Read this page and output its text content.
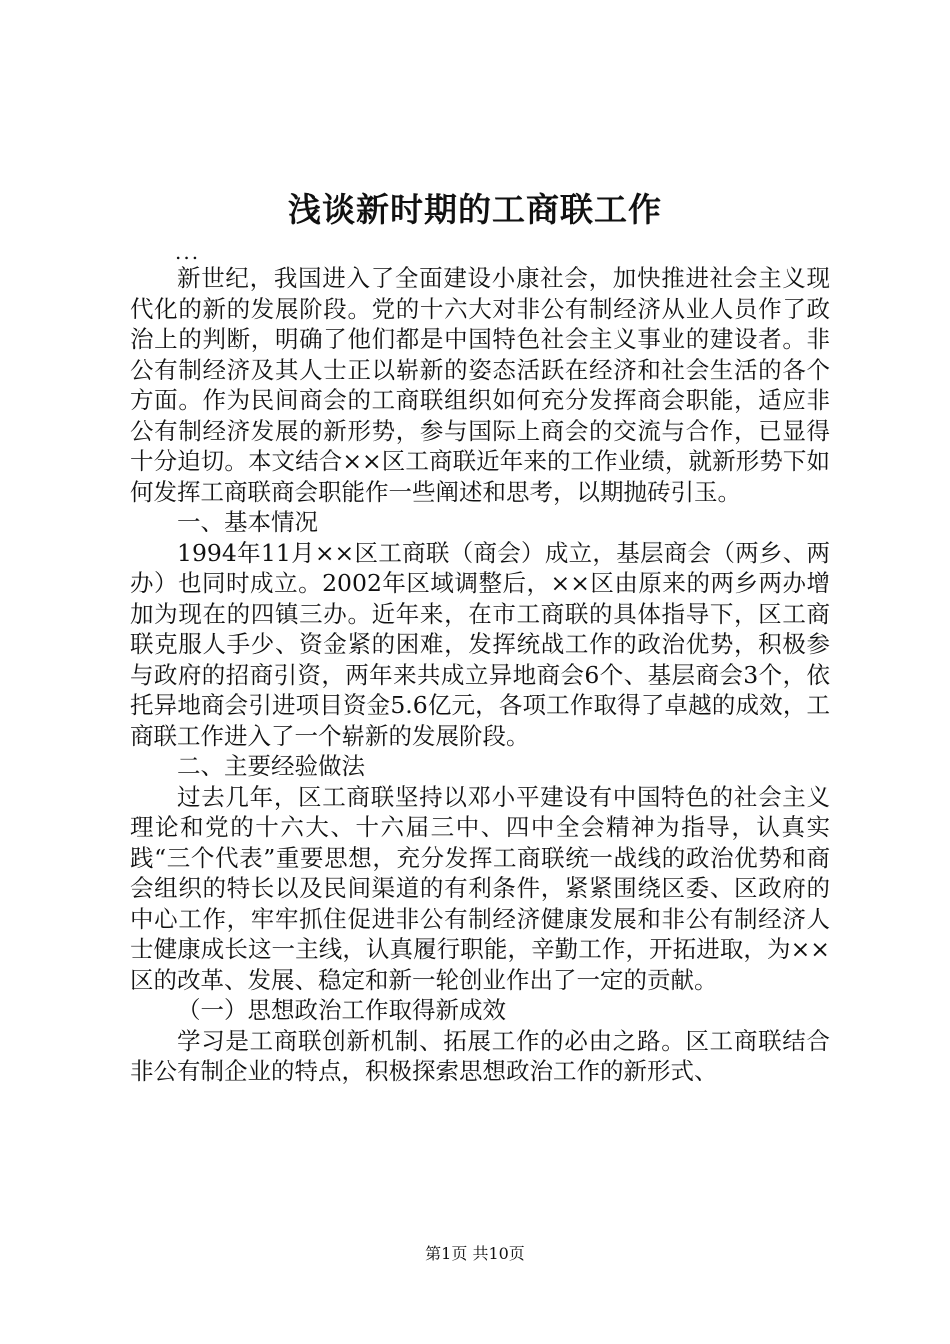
浅谈新时期的工商联工作
...

新世纪，我国进入了全面建设小康社会，加快推进社会主义现代化的新的发展阶段。党的十六大对非公有制经济从业人员作了政治上的判断，明确了他们都是中国特色社会主义事业的建设者。非公有制经济及其人士正以崭新的姿态活跃在经济和社会生活的各个方面。作为民间商会的工商联组织如何充分发挥商会职能，适应非公有制经济发展的新形势，参与国际上商会的交流与合作，已显得十分迫切。本文结合××区工商联近年来的工作业绩，就新形势下如何发挥工商联商会职能作一些阐述和思考，以期抛砖引玉。

一、基本情况

1994年11月××区工商联（商会）成立，基层商会（两乡、两办）也同时成立。2002年区域调整后，××区由原来的两乡两办增加为现在的四镇三办。近年来，在市工商联的具体指导下，区工商联克服人手少、资金紧的困难，发挥统战工作的政治优势，积极参与政府的招商引资，两年来共成立异地商会6个、基层商会3个，依托异地商会引进项目资金5.6亿元，各项工作取得了卓越的成效，工商联工作进入了一个崭新的发展阶段。

二、主要经验做法

过去几年，区工商联坚持以邓小平建设有中国特色的社会主义理论和党的十六大、十六届三中、四中全会精神为指导，认真实践“三个代表”重要思想，充分发挥工商联统一战线的政治优势和商会组织的特长以及民间渠道的有利条件，紧紧围绕区委、区政府的中心工作，牢牢抓住促进非公有制经济健康发展和非公有制经济人士健康成长这一主线，认真履行职能，辛勤工作，开拓进取，为××区的改革、发展、稳定和新一轮创业作出了一定的贡献。

（一）思想政治工作取得新成效

学习是工商联创新机制、拓展工作的必由之路。区工商联结合非公有制企业的特点，积极探索思想政治工作的新形式、

第1页 共10页
